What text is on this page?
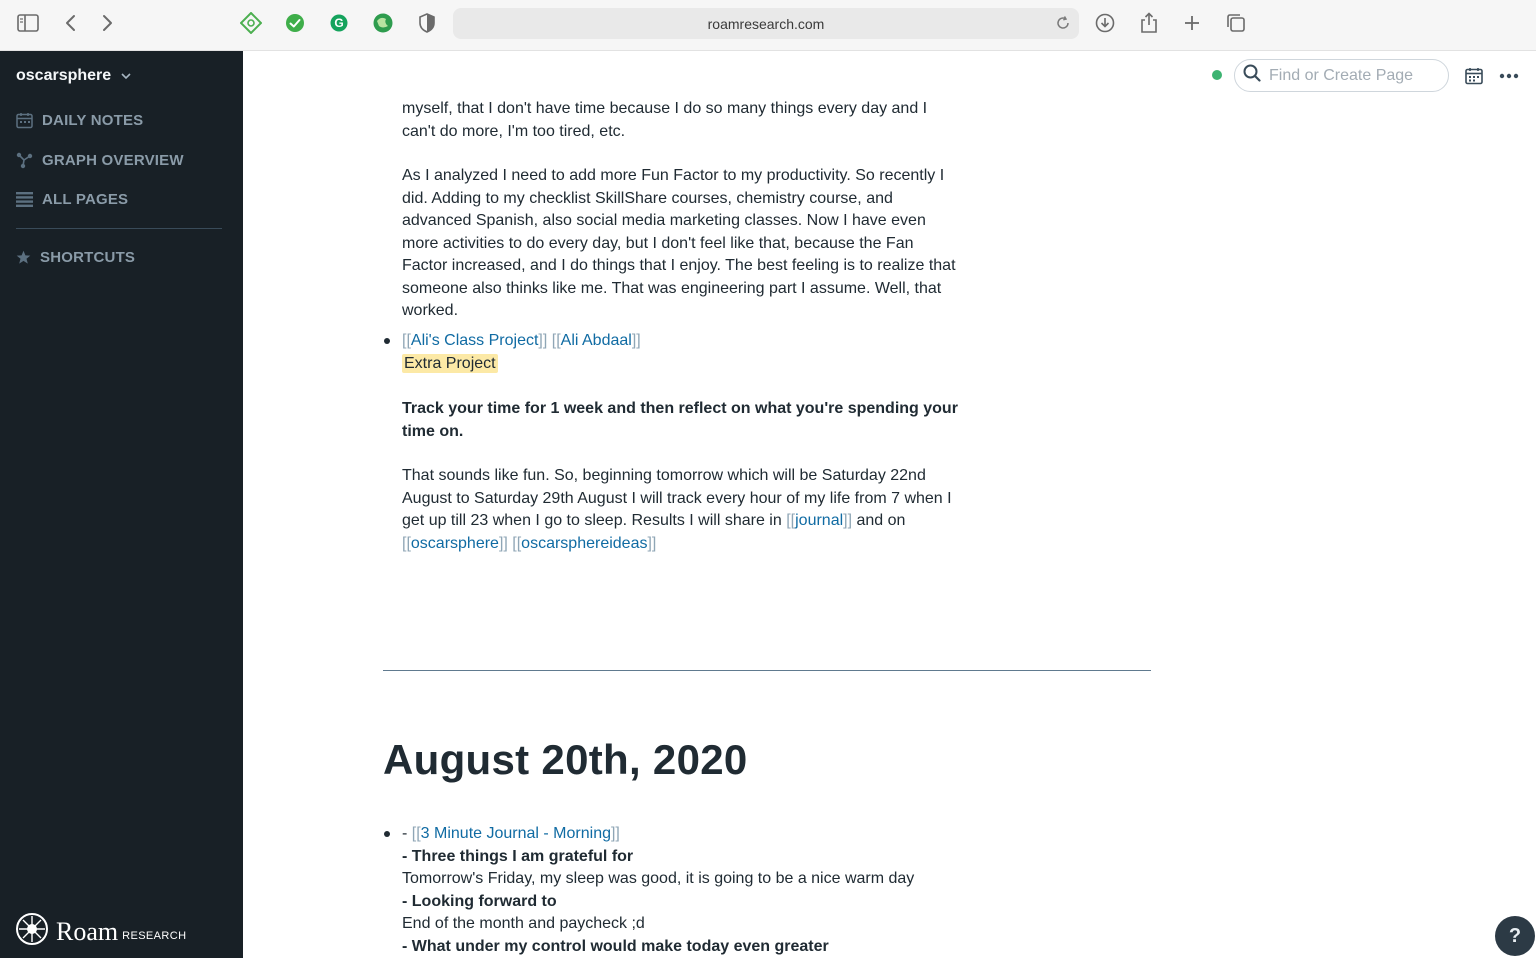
G	roamresearch.com
oscarsphere
DAILY NOTES
GRAPH OVERVIEW
ALL PAGES
SHORTCUTS
Roam RESEARCH
Find or Create Page

myself, that I don't have time because I do so many things every day and I can't do more, I'm too tired, etc.

As I analyzed I need to add more Fun Factor to my productivity. So recently I did. Adding to my checklist SkillShare courses, chemistry course, and advanced Spanish, also social media marketing classes. Now I have even more activities to do every day, but I don't feel like that, because the Fan Factor increased, and I do things that I enjoy. The best feeling is to realize that someone also thinks like me. That was engineering part I assume. Well, that worked.

[[Ali's Class Project]] [[Ali Abdaal]]

Extra Project

Track your time for 1 week and then reflect on what you're spending your time on.

That sounds like fun. So, beginning tomorrow which will be Saturday 22nd August to Saturday 29th August I will track every hour of my life from 7 when I get up till 23 when I go to sleep. Results I will share in [[journal]] and on [[oscarsphere]] [[oscarsphereideas]]

August 20th, 2020

- [[3 Minute Journal - Morning]]

- Three things I am grateful for

Tomorrow's Friday, my sleep was good, it is going to be a nice warm day

- Looking forward to

End of the month and paycheck ;d

- What under my control would make today even greater	?
